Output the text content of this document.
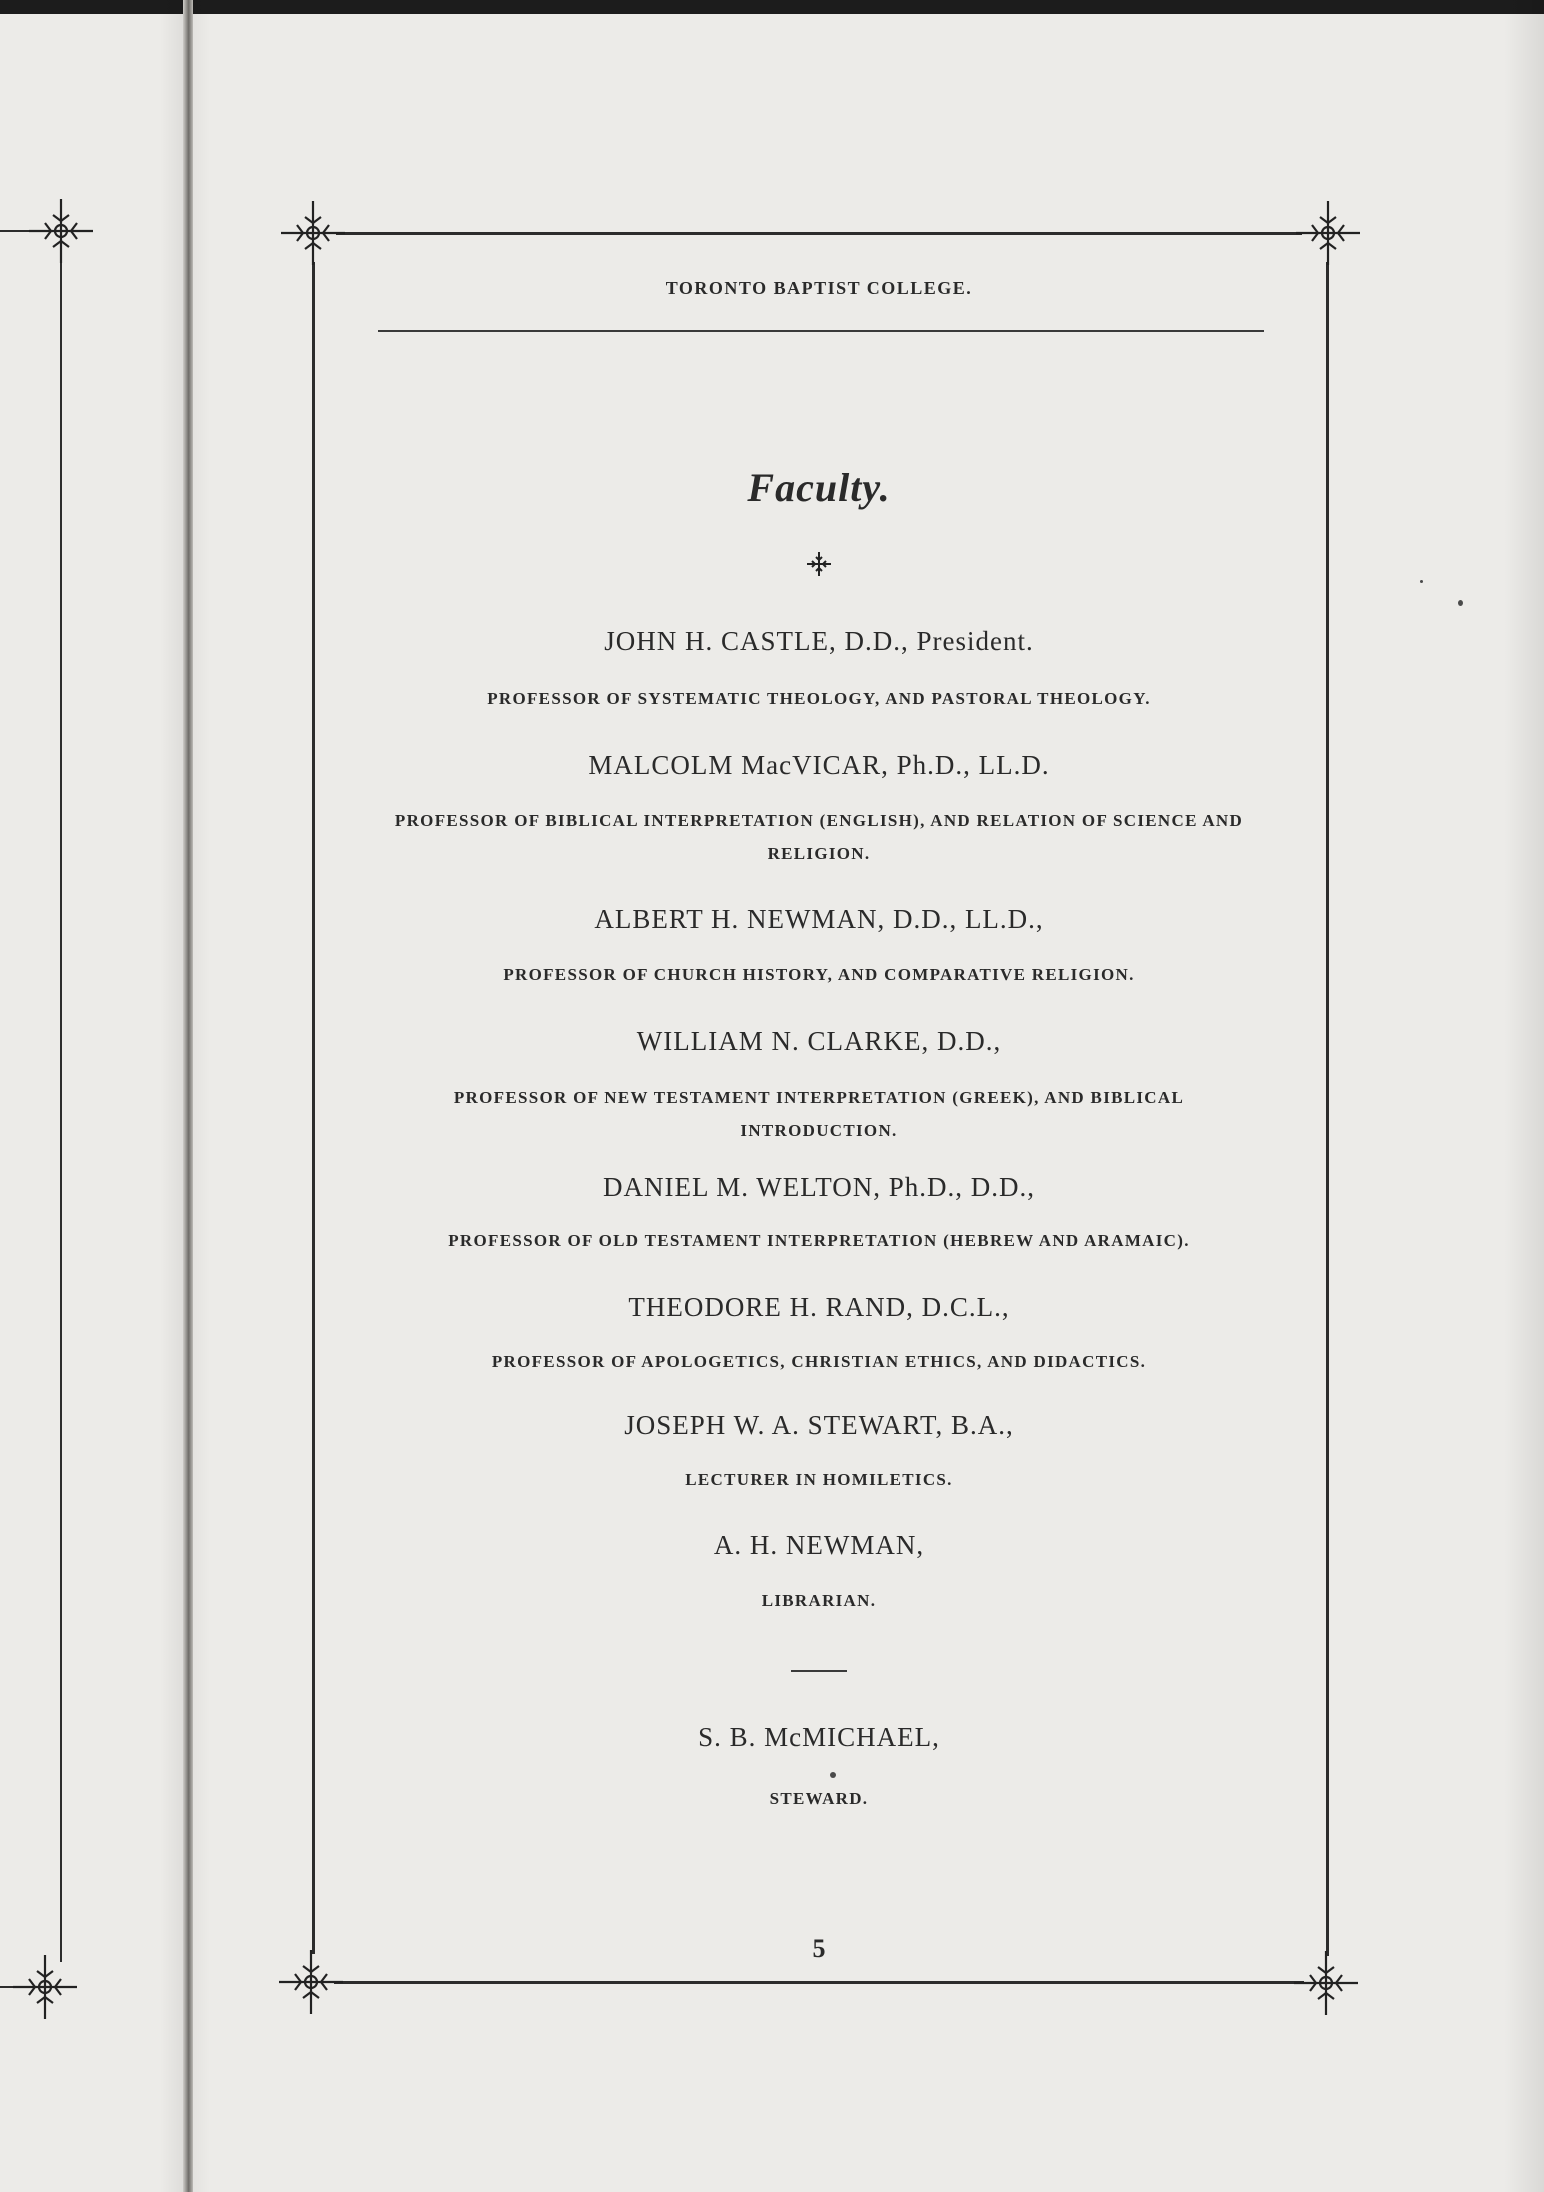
TORONTO BAPTIST COLLEGE.
Faculty.
JOHN H. CASTLE, D.D., President.
PROFESSOR OF SYSTEMATIC THEOLOGY, AND PASTORAL THEOLOGY.
MALCOLM MacVICAR, Ph.D., LL.D.
PROFESSOR OF BIBLICAL INTERPRETATION (ENGLISH), AND RELATION OF SCIENCE AND RELIGION.
ALBERT H. NEWMAN, D.D., LL.D.,
PROFESSOR OF CHURCH HISTORY, AND COMPARATIVE RELIGION.
WILLIAM N. CLARKE, D.D.,
PROFESSOR OF NEW TESTAMENT INTERPRETATION (GREEK), AND BIBLICAL INTRODUCTION.
DANIEL M. WELTON, Ph.D., D.D.,
PROFESSOR OF OLD TESTAMENT INTERPRETATION (HEBREW AND ARAMAIC).
THEODORE H. RAND, D.C.L.,
PROFESSOR OF APOLOGETICS, CHRISTIAN ETHICS, AND DIDACTICS.
JOSEPH W. A. STEWART, B.A.,
LECTURER IN HOMILETICS.
A. H. NEWMAN,
LIBRARIAN.
S. B. McMICHAEL,
STEWARD.
5
